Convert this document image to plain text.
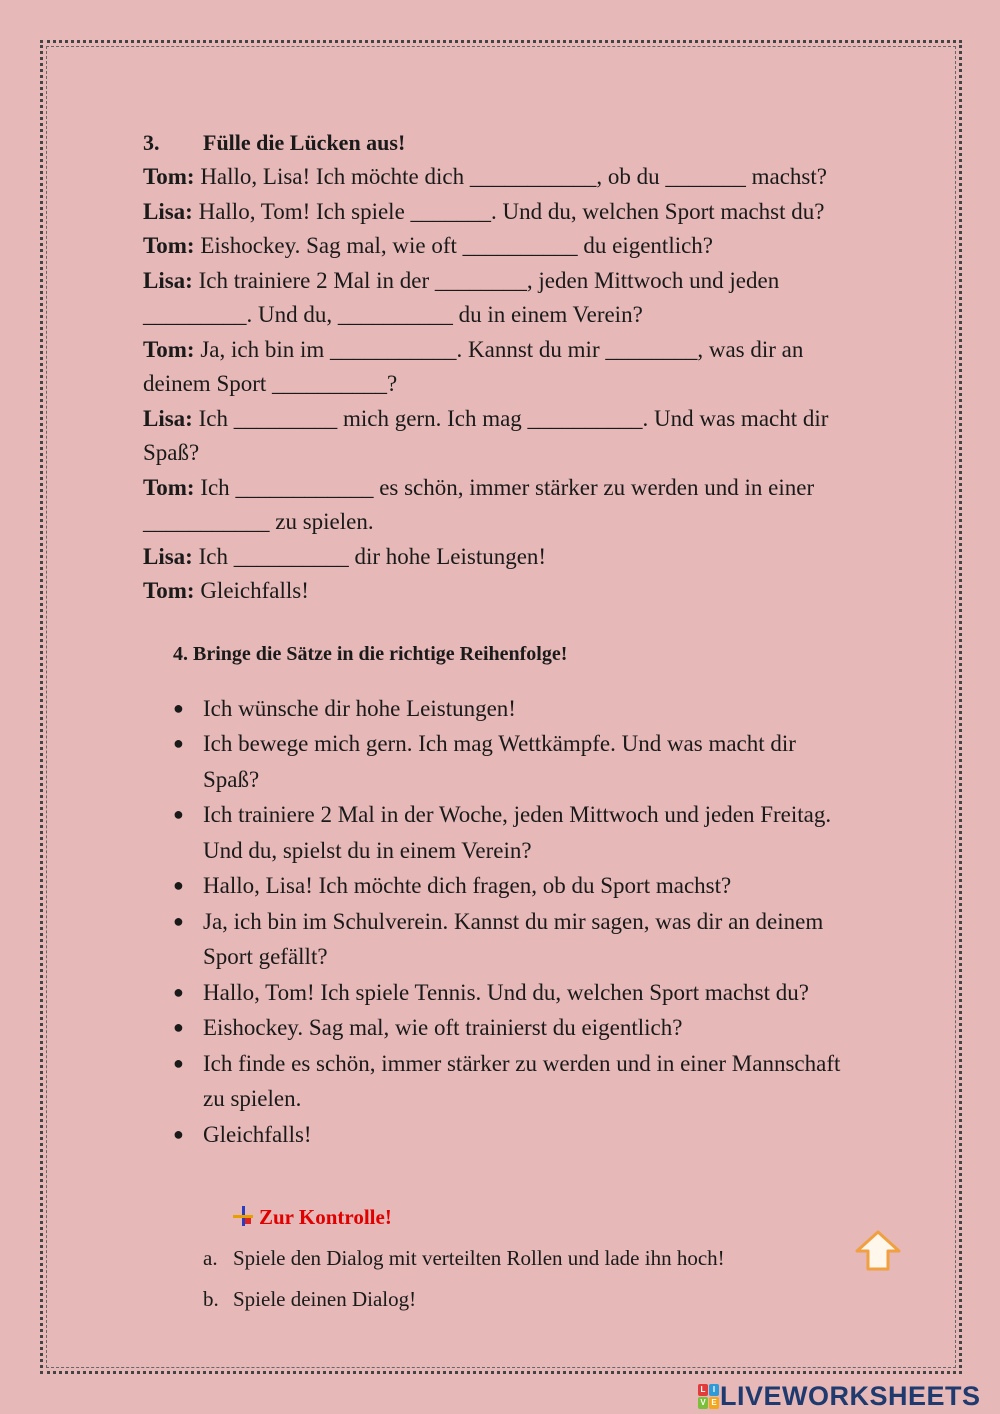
3. Fülle die Lücken aus!
Tom: Hallo, Lisa! Ich möchte dich ___________, ob du _______ machst?
Lisa: Hallo, Tom! Ich spiele _______. Und du, welchen Sport machst du?
Tom: Eishockey. Sag mal, wie oft __________ du eigentlich?
Lisa: Ich trainiere 2 Mal in der ________, jeden Mittwoch und jeden
_________. Und du, __________ du in einem Verein?
Tom: Ja, ich bin im ___________. Kannst du mir ________, was dir an
deinem Sport __________?
Lisa: Ich _________ mich gern. Ich mag __________. Und was macht dir
Spaß?
Tom: Ich ____________ es schön, immer stärker zu werden und in einer
___________ zu spielen.
Lisa: Ich __________ dir hohe Leistungen!
Tom: Gleichfalls!
4. Bringe die Sätze in die richtige Reihenfolge!
● Ich wünsche dir hohe Leistungen!
● Ich bewege mich gern. Ich mag Wettkämpfe. Und was macht dir
Spaß?
● Ich trainiere 2 Mal in der Woche, jeden Mittwoch und jeden Freitag.
Und du, spielst du in einem Verein?
● Hallo, Lisa! Ich möchte dich fragen, ob du Sport machst?
● Ja, ich bin im Schulverein. Kannst du mir sagen, was dir an deinem
Sport gefällt?
● Hallo, Tom! Ich spiele Tennis. Und du, welchen Sport machst du?
● Eishockey. Sag mal, wie oft trainierst du eigentlich?
● Ich finde es schön, immer stärker zu werden und in einer Mannschaft
zu spielen.
● Gleichfalls!
Zur Kontrolle!
a. Spiele den Dialog mit verteilten Rollen und lade ihn hoch!
b. Spiele deinen Dialog!
L I
V E LIVEWORKSHEETS
